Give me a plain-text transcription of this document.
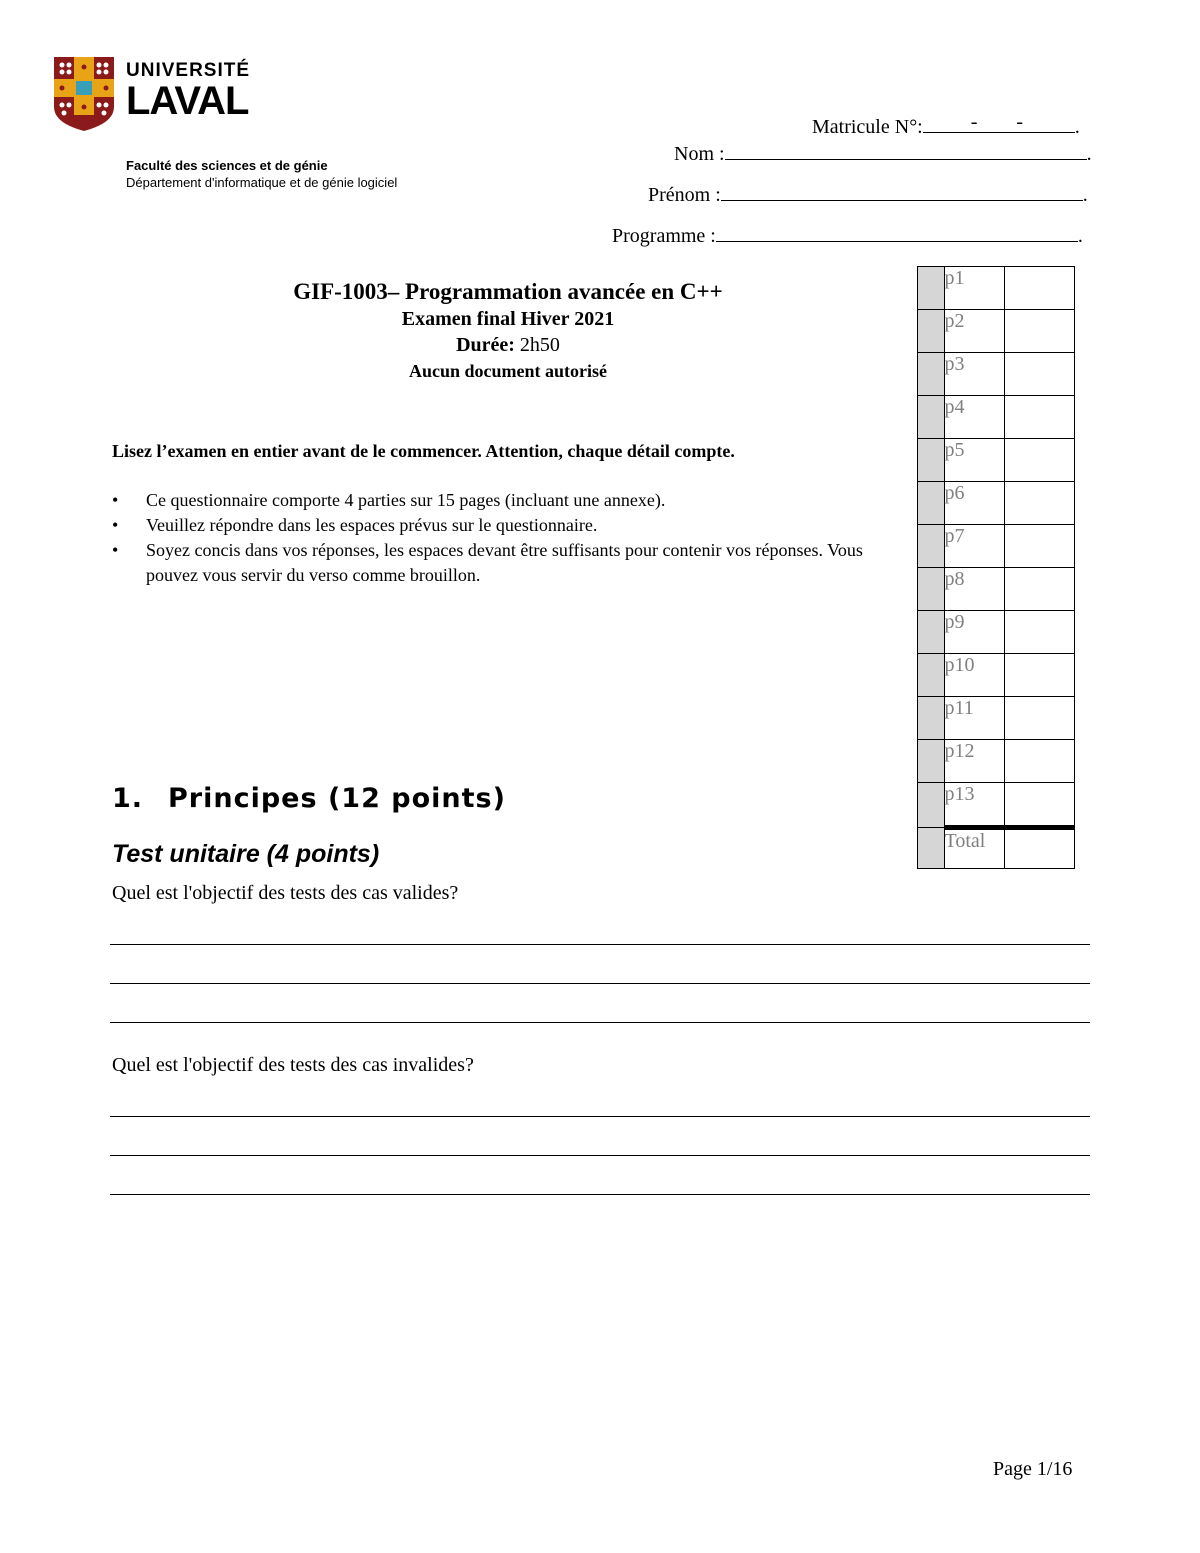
UNIVERSITÉ
LAVAL
Faculté des sciences et de génie
Département d'informatique et de génie logiciel
Matricule N°: - -	.
Nom :	.
Prénom :	.
Programme :	.
GIF-1003– Programmation avancée en C++
Examen final Hiver 2021
Durée: 2h50
Aucun document autorisé
Lisez l’examen en entier avant de le commencer. Attention, chaque détail compte.
• Ce questionnaire comporte 4 parties sur 15 pages (incluant une annexe).
• Veuillez répondre dans les espaces prévus sur le questionnaire.
• Soyez concis dans vos réponses, les espaces devant être suffisants pour contenir vos réponses. Vous pouvez vous servir du verso comme brouillon.
	p1	
	p2	
	p3	
	p4	
	p5	
	p6	
	p7	
	p8	
	p9	
	p10	
	p11	
	p12	
	p13	
	Total	
1. Principes (12 points)
Test unitaire (4 points)
Quel est l'objectif des tests des cas valides?
Quel est l'objectif des tests des cas invalides?
Page 1/16
